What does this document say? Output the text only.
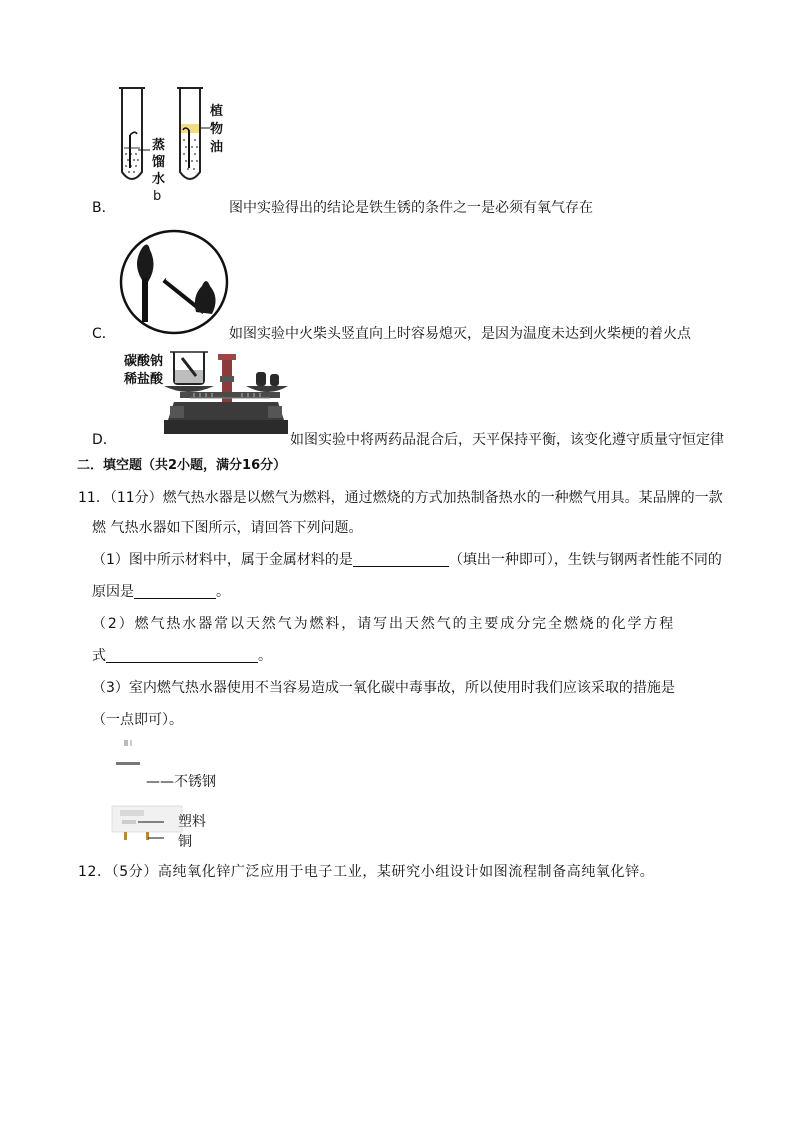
蒸
馏
水
b
植
物
油
B．	图中实验得出的结论是铁生锈的条件之一是必须有氧气存在
C．	如图实验中火柴头竖直向上时容易熄灭，是因为温度未达到火柴梗的着火点
碳酸钠
稀盐酸
D．	如图实验中将两药品混合后，天平保持平衡，该变化遵守质量守恒定律
二．填空题（共2小题，满分16分）
11．（11分）燃气热水器是以燃气为燃料，通过燃烧的方式加热制备热水的一种燃气用具。某品牌的一款
燃 气热水器如下图所示，请回答下列问题。
（1）图中所示材料中，属于金属材料的是	（填出一种即可），生铁与钢两者性能不同的
原因是	。
（2）燃气热水器常以天然气为燃料，请写出天然气的主要成分完全燃烧的化学方程
式	。
（3）室内燃气热水器使用不当容易造成一氧化碳中毒事故，所以使用时我们应该采取的措施是
（一点即可）。
——不锈钢
塑料
铜
12．（5分）高纯氧化锌广泛应用于电子工业，某研究小组设计如图流程制备高纯氧化锌。
